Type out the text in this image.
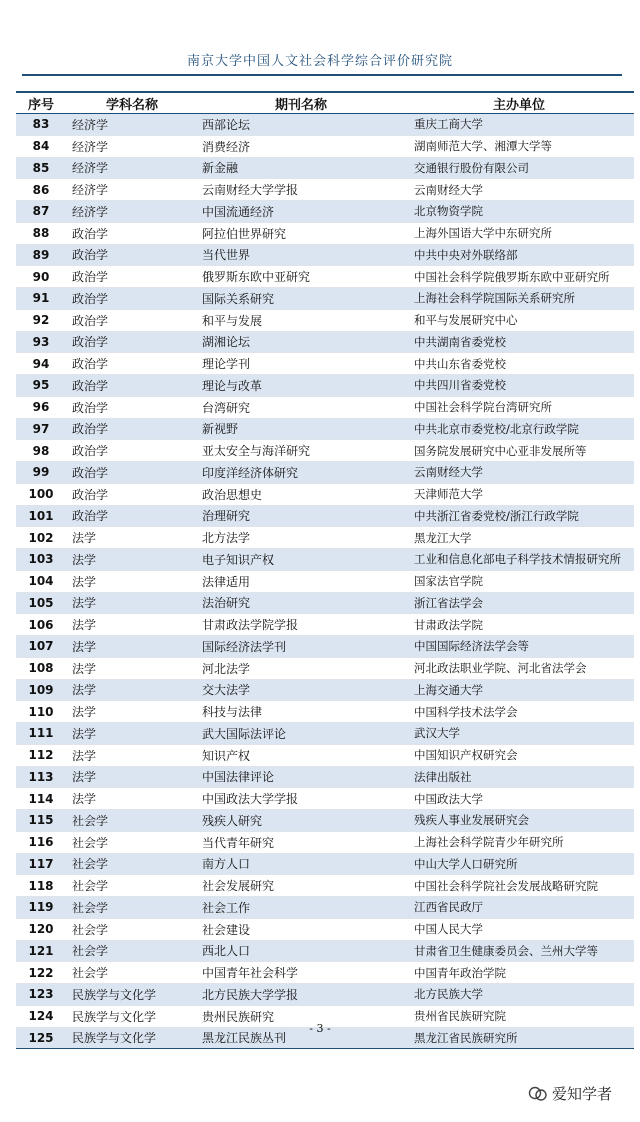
南京大学中国人文社会科学综合评价研究院
序号	学科名称	期刊名称	主办单位
83	经济学	西部论坛	重庆工商大学
84	经济学	消费经济	湖南师范大学、湘潭大学等
85	经济学	新金融	交通银行股份有限公司
86	经济学	云南财经大学学报	云南财经大学
87	经济学	中国流通经济	北京物资学院
88	政治学	阿拉伯世界研究	上海外国语大学中东研究所
89	政治学	当代世界	中共中央对外联络部
90	政治学	俄罗斯东欧中亚研究	中国社会科学院俄罗斯东欧中亚研究所
91	政治学	国际关系研究	上海社会科学院国际关系研究所
92	政治学	和平与发展	和平与发展研究中心
93	政治学	湖湘论坛	中共湖南省委党校
94	政治学	理论学刊	中共山东省委党校
95	政治学	理论与改革	中共四川省委党校
96	政治学	台湾研究	中国社会科学院台湾研究所
97	政治学	新视野	中共北京市委党校/北京行政学院
98	政治学	亚太安全与海洋研究	国务院发展研究中心亚非发展所等
99	政治学	印度洋经济体研究	云南财经大学
100	政治学	政治思想史	天津师范大学
101	政治学	治理研究	中共浙江省委党校/浙江行政学院
102	法学	北方法学	黑龙江大学
103	法学	电子知识产权	工业和信息化部电子科学技术情报研究所
104	法学	法律适用	国家法官学院
105	法学	法治研究	浙江省法学会
106	法学	甘肃政法学院学报	甘肃政法学院
107	法学	国际经济法学刊	中国国际经济法学会等
108	法学	河北法学	河北政法职业学院、河北省法学会
109	法学	交大法学	上海交通大学
110	法学	科技与法律	中国科学技术法学会
111	法学	武大国际法评论	武汉大学
112	法学	知识产权	中国知识产权研究会
113	法学	中国法律评论	法律出版社
114	法学	中国政法大学学报	中国政法大学
115	社会学	残疾人研究	残疾人事业发展研究会
116	社会学	当代青年研究	上海社会科学院青少年研究所
117	社会学	南方人口	中山大学人口研究所
118	社会学	社会发展研究	中国社会科学院社会发展战略研究院
119	社会学	社会工作	江西省民政厅
120	社会学	社会建设	中国人民大学
121	社会学	西北人口	甘肃省卫生健康委员会、兰州大学等
122	社会学	中国青年社会科学	中国青年政治学院
123	民族学与文化学	北方民族大学学报	北方民族大学
124	民族学与文化学	贵州民族研究	贵州省民族研究院
125	民族学与文化学	黑龙江民族丛刊	黑龙江省民族研究所
- 3 -
爱知学者
